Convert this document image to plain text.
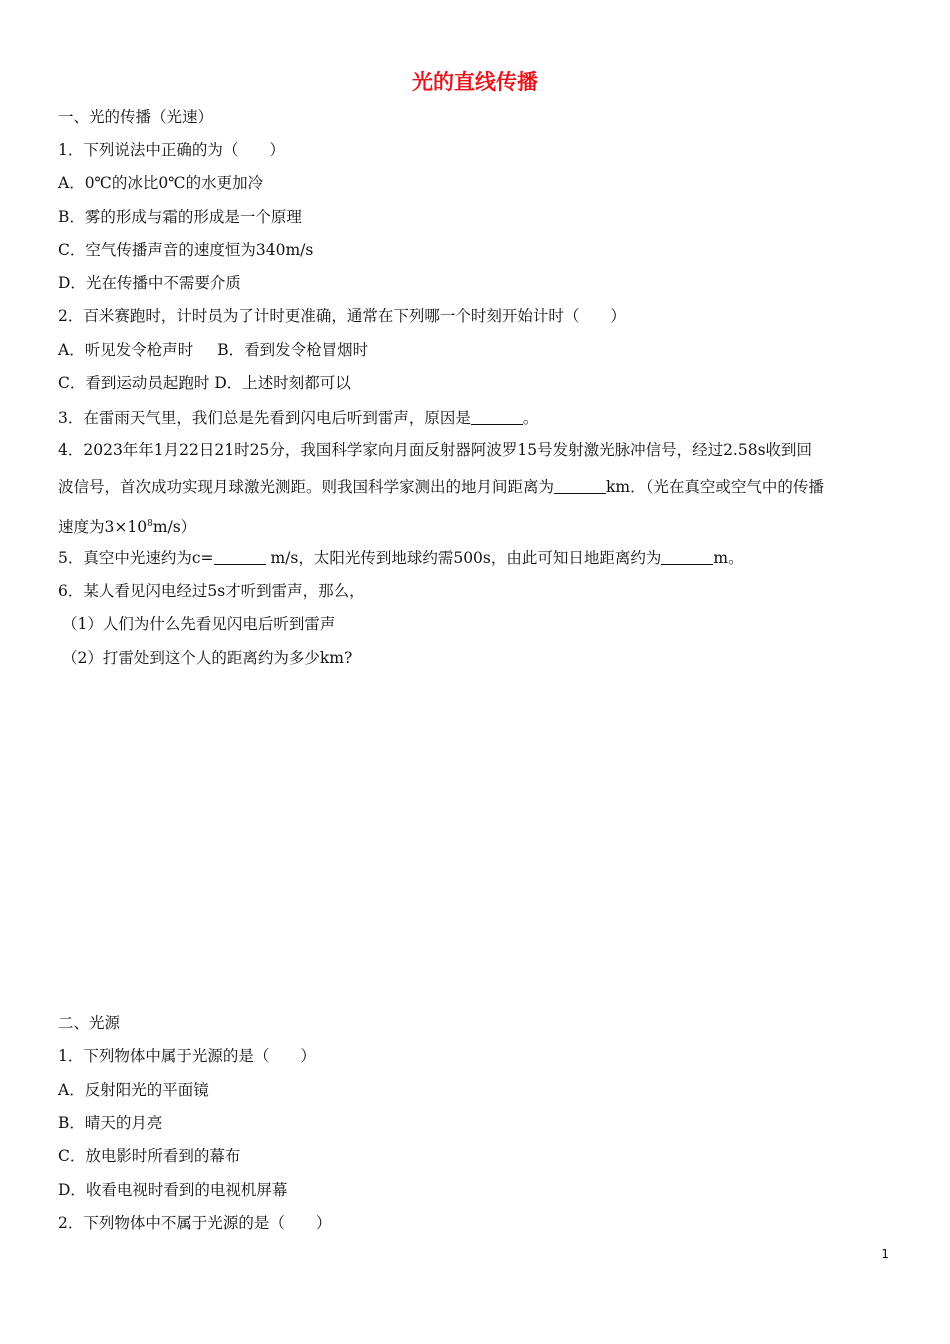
光的直线传播
一、光的传播（光速）
1．下列说法中正确的为（　　）
A．0℃的冰比0℃的水更加冷
B．雾的形成与霜的形成是一个原理
C．空气传播声音的速度恒为340m/s
D．光在传播中不需要介质
2．百米赛跑时，计时员为了计时更准确，通常在下列哪一个时刻开始计时（　　）
A．听见发令枪声时 B．看到发令枪冒烟时
C．看到运动员起跑时 D．上述时刻都可以
3．在雷雨天气里，我们总是先看到闪电后听到雷声，原因是	。
4．2023年年1月22日21时25分，我国科学家向月面反射器阿波罗15号发射激光脉冲信号，经过2.58s收到回
波信号，首次成功实现月球激光测距。则我国科学家测出的地月间距离为	km．（光在真空或空气中的传播
速度为$3\times 10^8m/s$）
5．真空中光速约为c=	m/s，太阳光传到地球约需500s，由此可知日地距离约为	m。
6．某人看见闪电经过5s才听到雷声，那么，
（1）人们为什么先看见闪电后听到雷声
（2）打雷处到这个人的距离约为多少km?
二、光源
1．下列物体中属于光源的是（　　）
A．反射阳光的平面镜
B．晴天的月亮
C．放电影时所看到的幕布
D．收看电视时看到的电视机屏幕
2．下列物体中不属于光源的是（　　）
1
